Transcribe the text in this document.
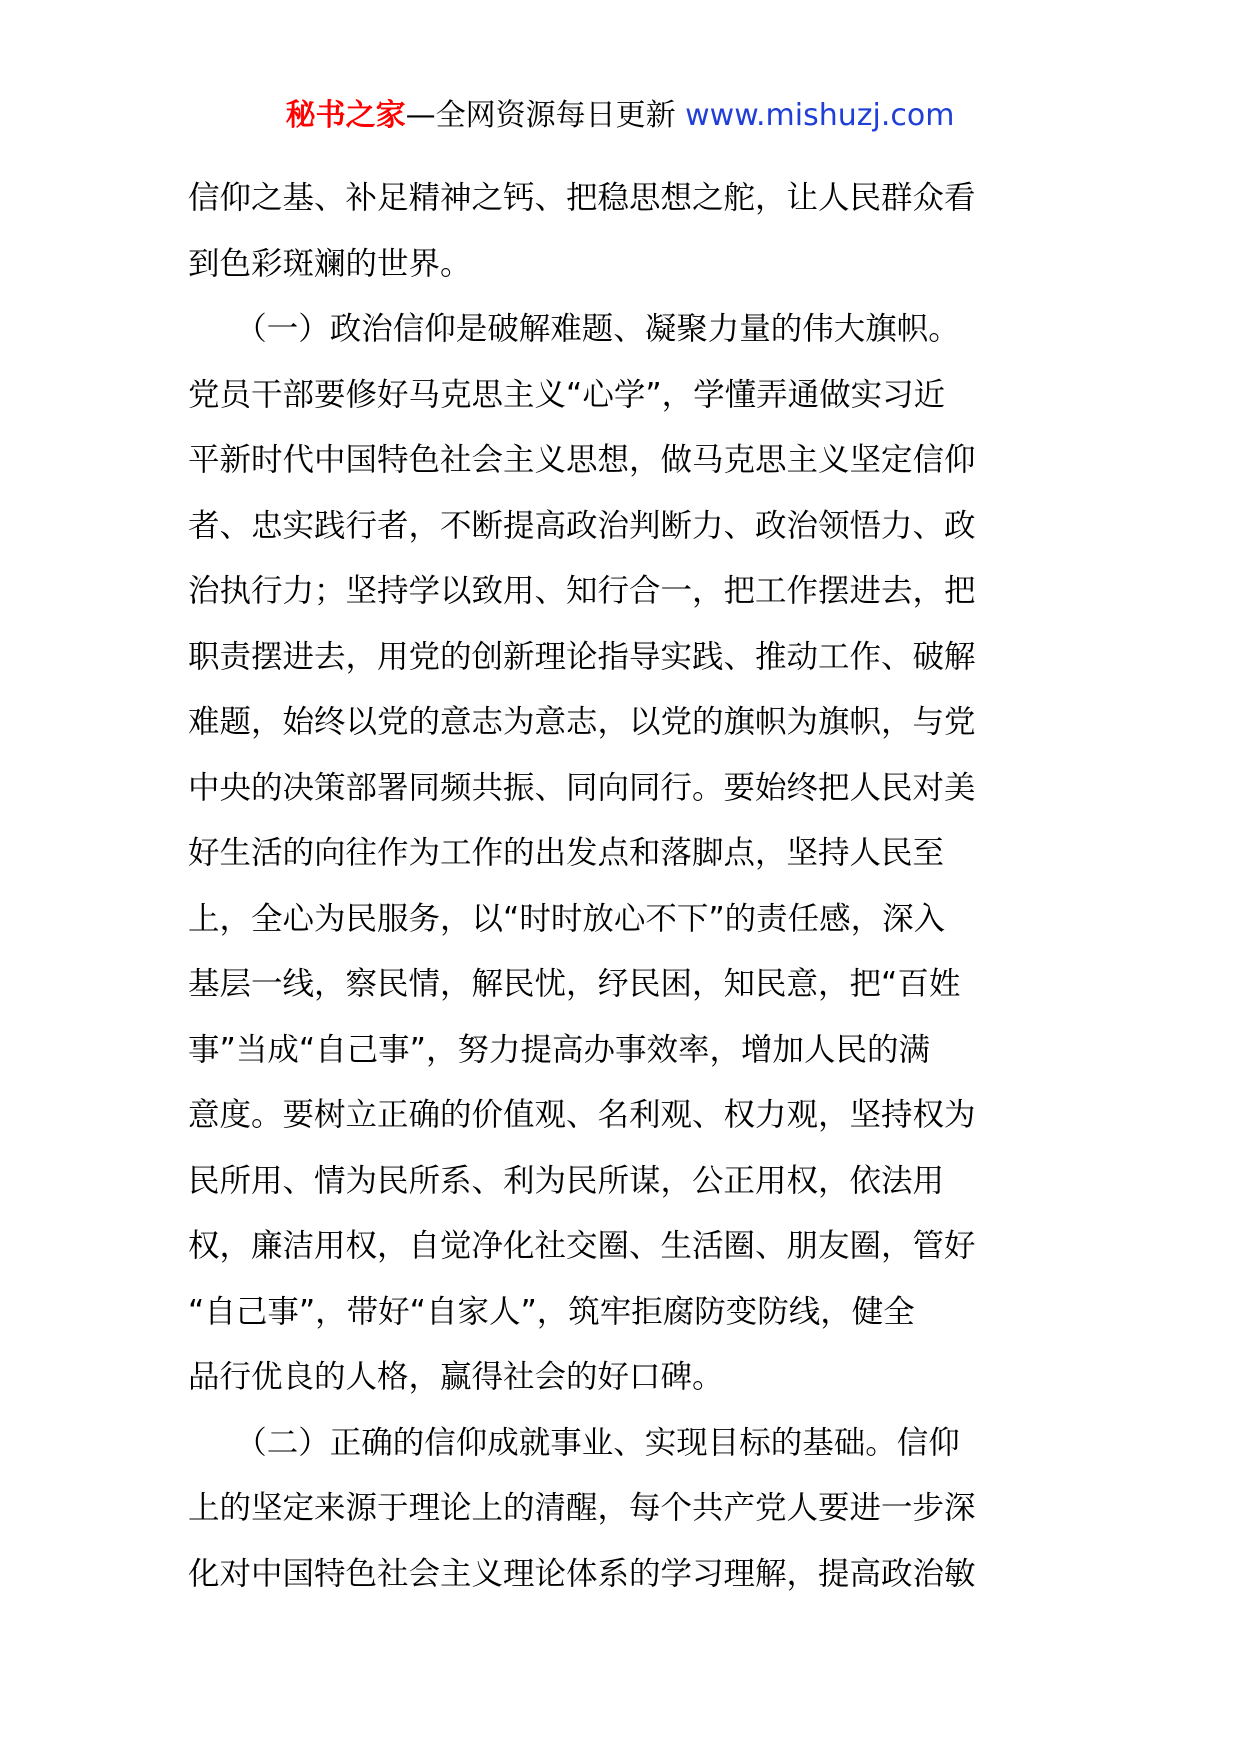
秘书之家—全网资源每日更新 www.mishuzj.com
信仰之基、补足精神之钙、把稳思想之舵，让人民群众看
到色彩斑斓的世界。
　　（一）政治信仰是破解难题、凝聚力量的伟大旗帜。
党员干部要修好马克思主义“心学”，学懂弄通做实习近
平新时代中国特色社会主义思想，做马克思主义坚定信仰
者、忠实践行者，不断提高政治判断力、政治领悟力、政
治执行力；坚持学以致用、知行合一，把工作摆进去，把
职责摆进去，用党的创新理论指导实践、推动工作、破解
难题，始终以党的意志为意志，以党的旗帜为旗帜，与党
中央的决策部署同频共振、同向同行。要始终把人民对美
好生活的向往作为工作的出发点和落脚点，坚持人民至
上，全心为民服务，以“时时放心不下”的责任感，深入
基层一线，察民情，解民忧，纾民困，知民意，把“百姓
事”当成“自己事”，努力提高办事效率，增加人民的满
意度。要树立正确的价值观、名利观、权力观，坚持权为
民所用、情为民所系、利为民所谋，公正用权，依法用
权，廉洁用权，自觉净化社交圈、生活圈、朋友圈，管好
“自己事”，带好“自家人”，筑牢拒腐防变防线，健全
品行优良的人格，赢得社会的好口碑。
　　（二）正确的信仰成就事业、实现目标的基础。信仰
上的坚定来源于理论上的清醒，每个共产党人要进一步深
化对中国特色社会主义理论体系的学习理解，提高政治敏
